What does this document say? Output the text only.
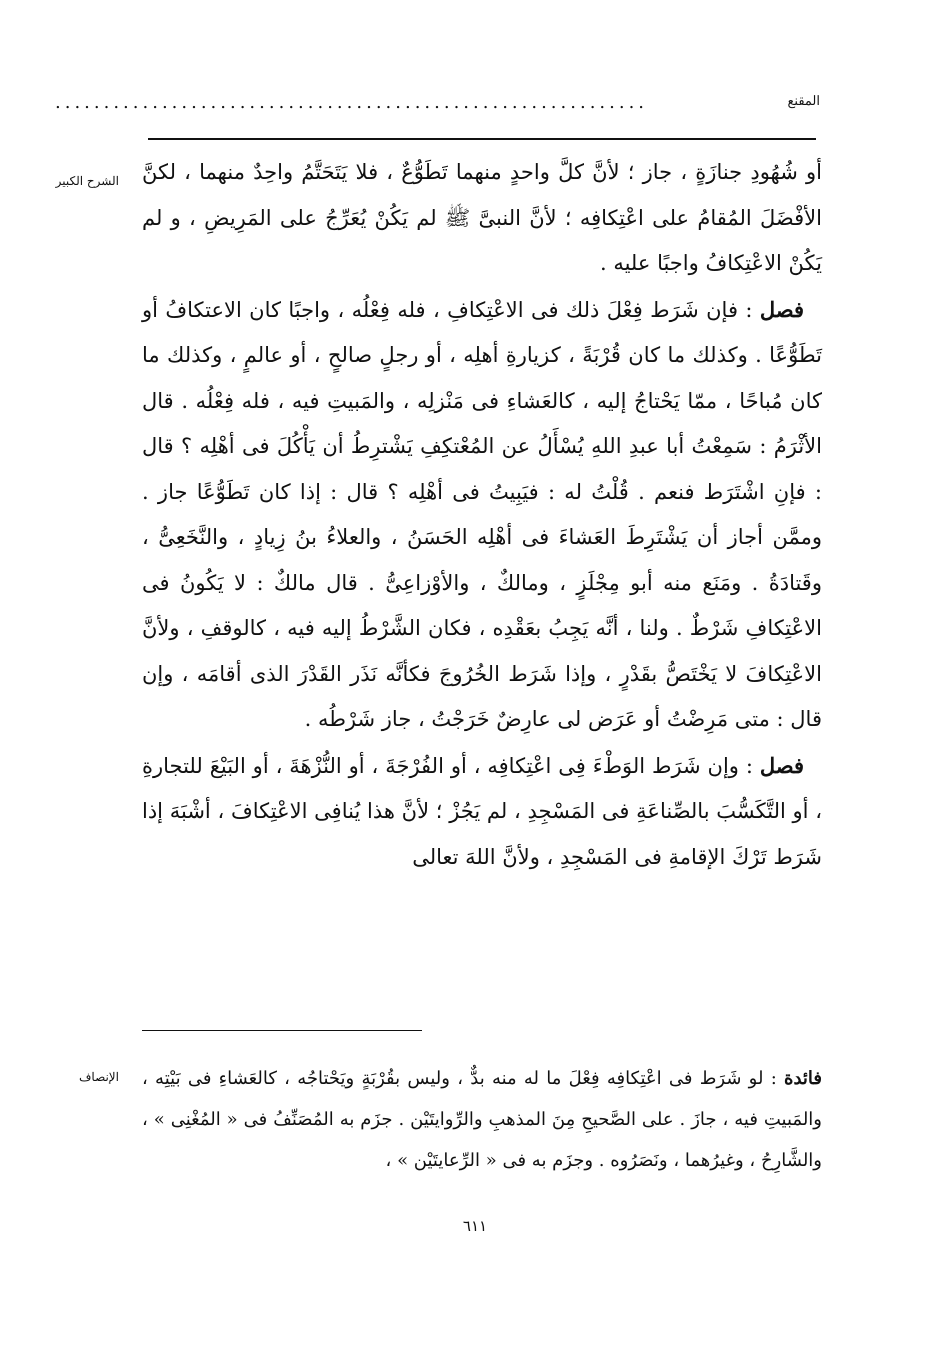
المقنع
.............................................................
الشرح الكبير أو شُهُودِ جنازَةٍ ، جاز ؛ لأنَّ كلَّ واحدٍ منهما تَطَوُّعٌ ، فلا يَتَحَتَّمُ واحِدٌ منهما ، لكنَّ الأفْضَلَ المُقامُ على اعْتِكافِه ؛ لأنَّ النبىَّ ﷺ لم يَكُنْ يُعَرِّجُ على المَرِيضِ ، و لم يَكُنْ الاعْتِكافُ واجبًا عليه .

فصل : فإن شَرَط فِعْلَ ذلك فى الاعْتِكافِ ، فله فِعْلُه ، واجبًا كان الاعتكافُ أو تَطَوُّعًا . وكذلك ما كان قُرْبَةً ، كزيارةِ أهلِه ، أو رجلٍ صالحٍ ، أو عالمٍ ، وكذلك ما كان مُباحًا ، ممّا يَحْتاجُ إليه ، كالعَشاءِ فى مَنْزلِه ، والمَبيتِ فيه ، فله فِعْلُه . قال الأثْرَمُ : سَمِعْتُ أبا عبدِ اللهِ يُسْأَلُ عن المُعْتكِفِ يَشْترِطُ أن يَأْكُلَ فى أهْلِه ؟ قال : فإنِ اشْتَرَط فنعم . قُلْتُ له : فيَبِيتُ فى أهْلِه ؟ قال : إذا كان تَطَوُّعًا جاز . وممَّن أجاز أن يَشْتَرِطَ العَشاءَ فى أهْلِه الحَسَنُ ، والعلاءُ بنُ زِيادٍ ، والنَّخَعِىُّ ، وقَتادَةُ . ومَنَع منه أبو مِجْلَزٍ ، ومالكٌ ، والأوْزاعِىُّ . قال مالكٌ : لا يَكُونُ فى الاعْتِكافِ شَرْطٌ . ولنا ، أنَّه يَجِبُ بعَقْدِه ، فكان الشَّرْطُ إليه فيه ، كالوقفِ ، ولأنَّ الاعْتِكافَ لا يَخْتَصُّ بقَدْرٍ ، وإذا شَرَط الخُرُوجَ فكأنَّه نَذَر القَدْرَ الذى أقامَه ، وإن قال : متى مَرِضْتُ أو عَرَض لى عارِضٌ خَرَجْتُ ، جاز شَرْطُه .

فصل : وإن شَرَط الوَطْءَ فِى اعْتِكافِه ، أو الفُرْجَةَ ، أو النُّزْهَةَ ، أو البَيْعَ للتجارةِ ، أو التَّكَسُّبَ بالصِّناعَةِ فى المَسْجِدِ ، لم يَجُزْ ؛ لأنَّ هذا يُنافِى الاعْتِكافَ ، أشْبَهَ إذا شَرَط تَرْكَ الإقامةِ فى المَسْجِدِ ، ولأنَّ اللهَ تعالى

الإنصاف	فائدة : لو شَرَط فى اعْتِكافِه فِعْلَ ما له منه بدٌّ ، وليس بقُرْبَةٍ ويَحْتاجُه ، كالعَشاءِ فى بَيْتِه ، والمَبيتِ فيه ، جازَ . على الصَّحيحِ مِنَ المذهبِ والرِّوايتَيْن . جزَم به المُصَنِّفُ فى « المُغْنِى » ، والشَّارِحُ ، وغيرُهما ، ونَصَرُوه . وجزَم به فى « الرِّعايتَيْن » ،
٦١١
